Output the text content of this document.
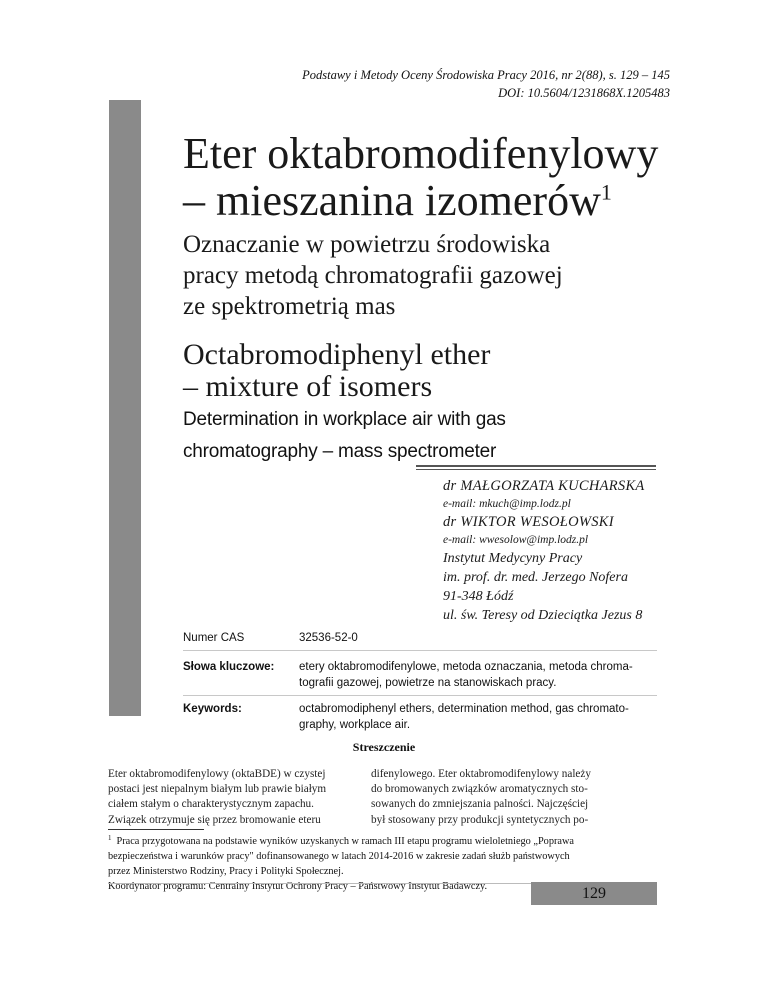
Podstawy i Metody Oceny Środowiska Pracy 2016, nr 2(88), s. 129 – 145
DOI: 10.5604/1231868X.1205483
Eter oktabromodifenylowy
– mieszanina izomerów$^1$
Oznaczanie w powietrzu środowiska
pracy metodą chromatografii gazowej
ze spektrometrią mas
Octabromodiphenyl ether
– mixture of isomers
Determination in workplace air with gas
chromatography – mass spectrometer
dr MAŁGORZATA KUCHARSKA
e-mail: mkuch@imp.lodz.pl
dr WIKTOR WESOŁOWSKI
e-mail: wwesolow@imp.lodz.pl
Instytut Medycyny Pracy
im. prof. dr. med. Jerzego Nofera
91-348 Łódź
ul. św. Teresy od Dzieciątka Jezus 8
Numer CAS	32536-52-0
Słowa kluczowe:	etery oktabromodifenylowe, metoda oznaczania, metoda chroma-
tografii gazowej, powietrze na stanowiskach pracy.
Keywords:	octabromodiphenyl ethers, determination method, gas chromato-
graphy, workplace air.
Streszczenie
Eter oktabromodifenylowy (oktaBDE) w czystej
postaci jest niepalnym białym lub prawie białym
ciałem stałym o charakterystycznym zapachu.
Związek otrzymuje się przez bromowanie eteru
difenylowego. Eter oktabromodifenylowy należy
do bromowanych związków aromatycznych sto-
sowanych do zmniejszania palności. Najczęściej
był stosowany przy produkcji syntetycznych po-
$^1$ Praca przygotowana na podstawie wyników uzyskanych w ramach III etapu programu wieloletniego „Poprawa
bezpieczeństwa i warunków pracy" dofinansowanego w latach 2014-2016 w zakresie zadań służb państwowych
przez Ministerstwo Rodziny, Pracy i Polityki Społecznej.
Koordynator programu: Centralny Instytut Ochrony Pracy – Państwowy Instytut Badawczy.	129
